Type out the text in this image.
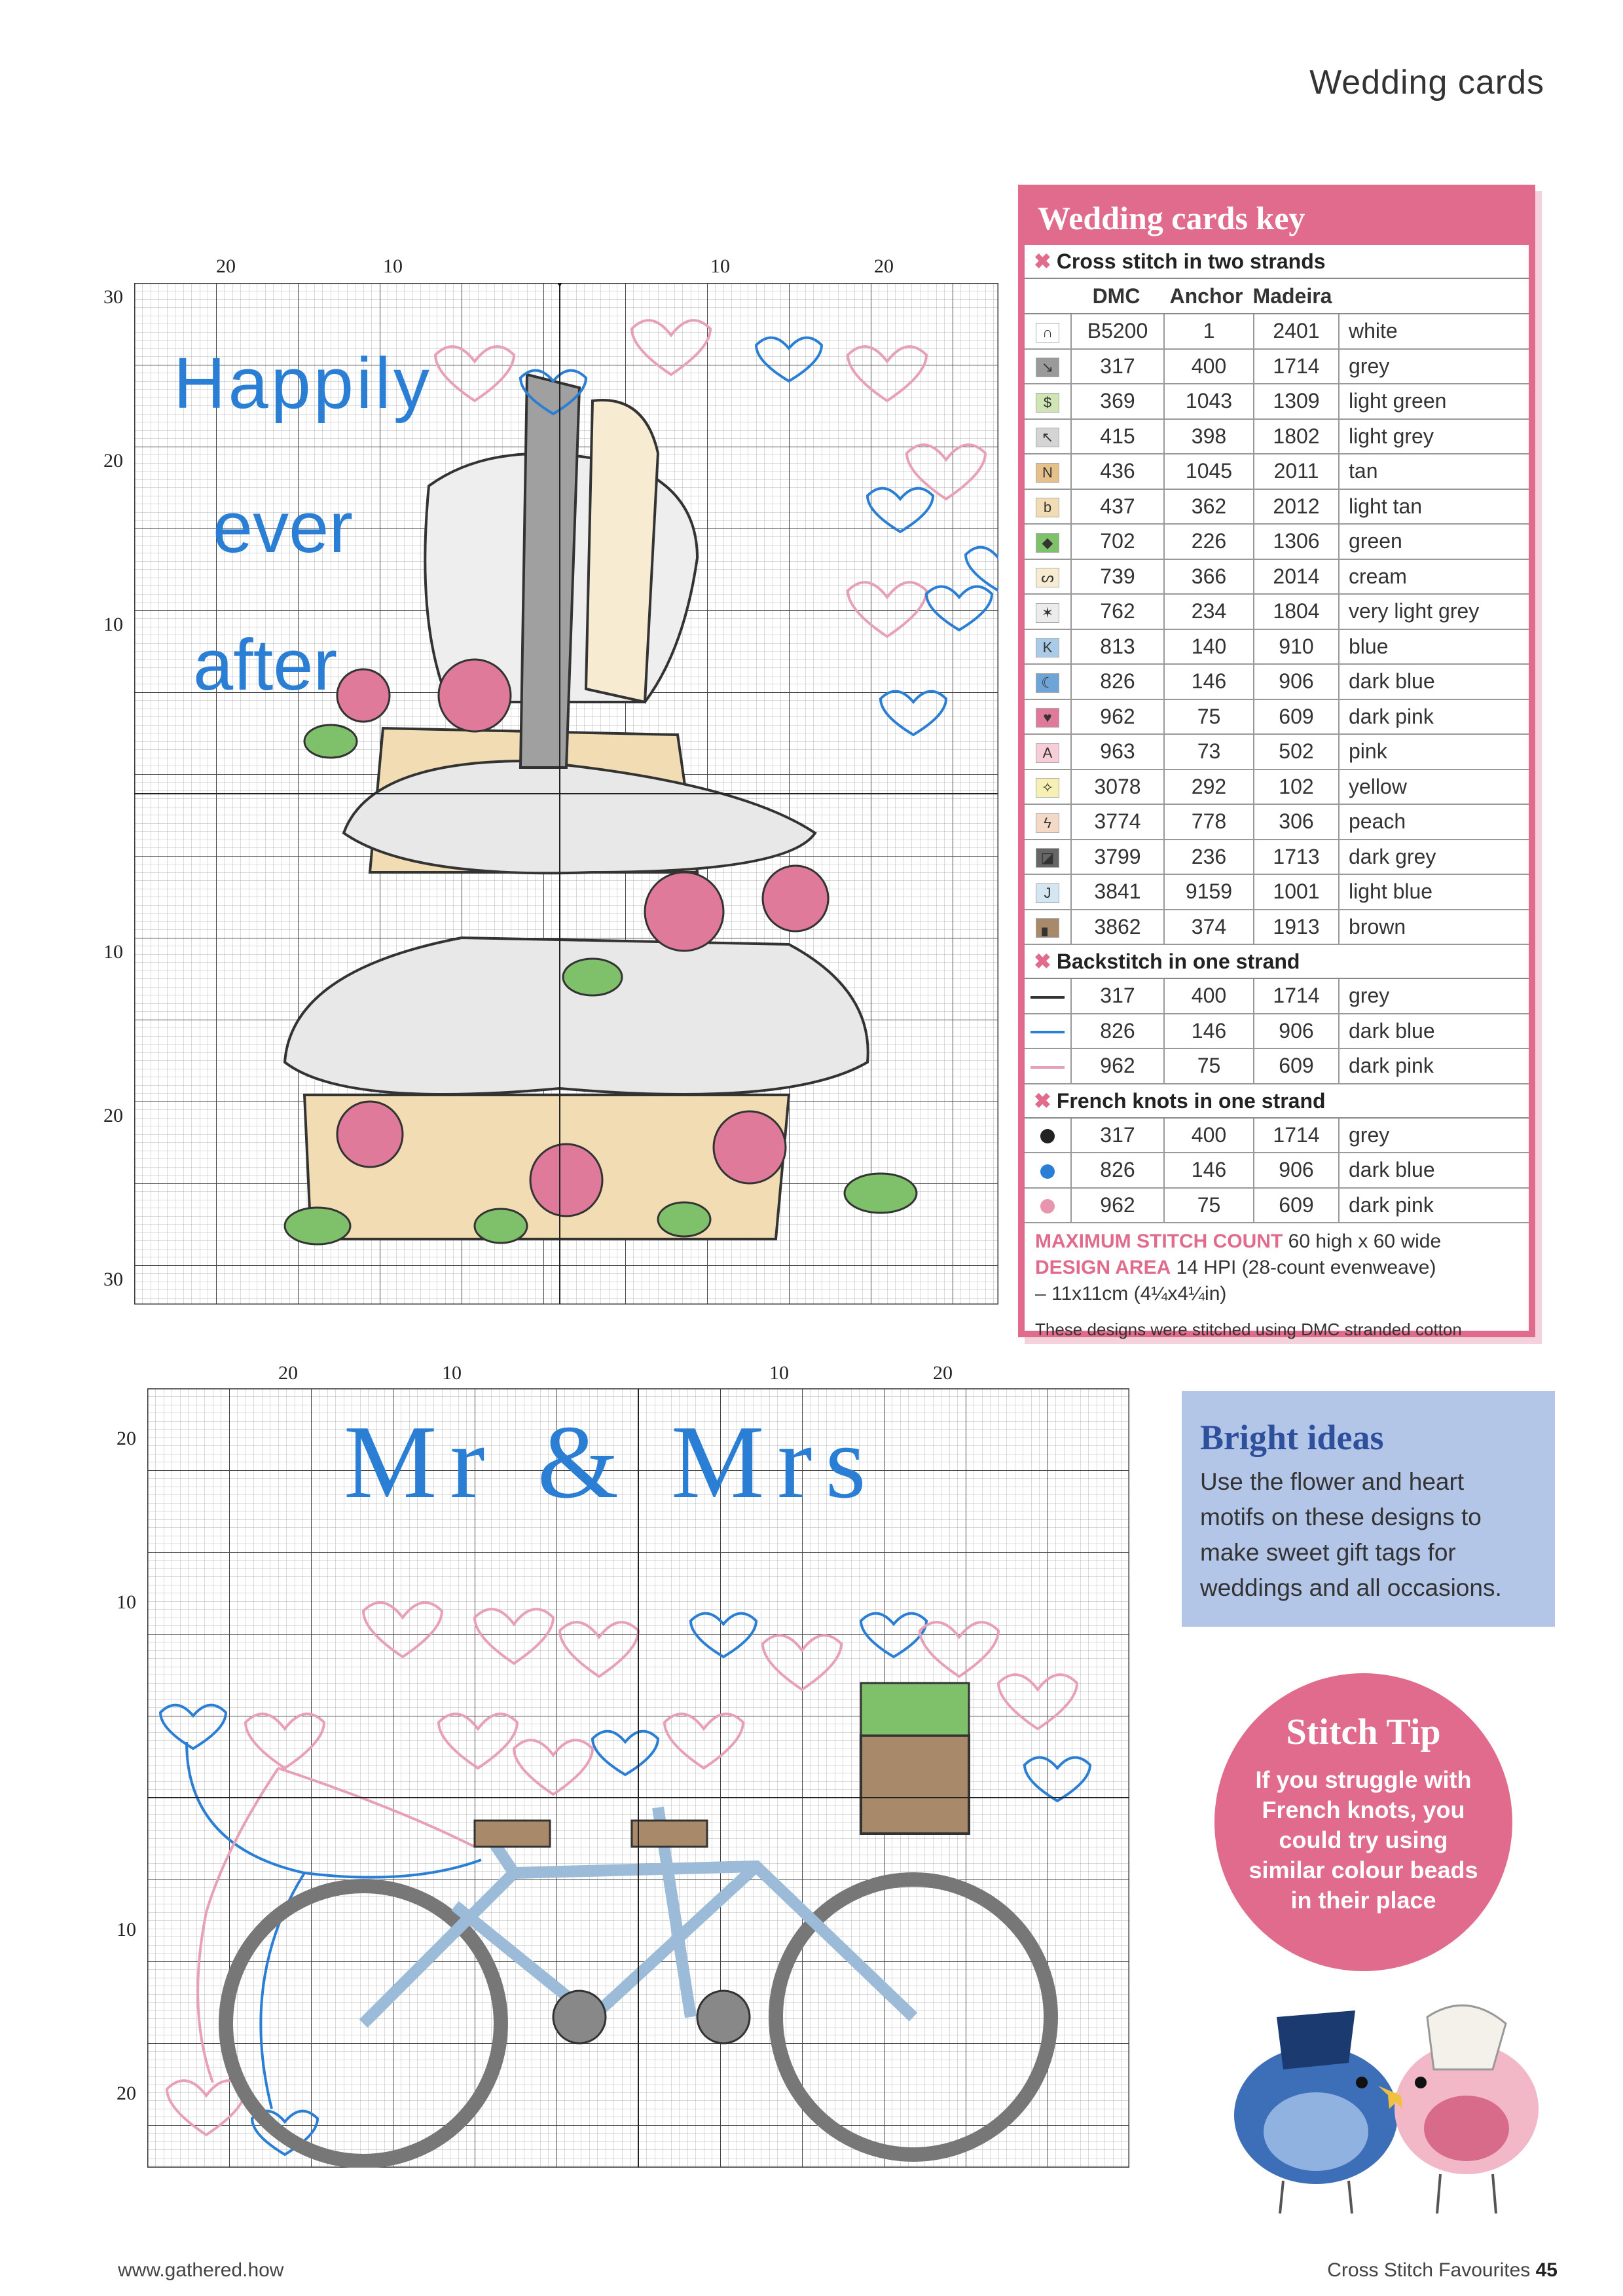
Wedding cards
Happily
ever
after
20	10	10	20
30
20
10
10
20
30
Mr & Mrs
20	10	10	20
20
10
10
20
Wedding cards key
✖ Cross stitch in two strands
DMC	Anchor Madeira
∩	B5200	1	2401	white
↘	317	400	1714	grey
$	369	1043	1309	light green
↖	415	398	1802	light grey
N	436	1045	2011	tan
b	437	362	2012	light tan
◆	702	226	1306	green
ᔕ	739	366	2014	cream
✶	762	234	1804	very light grey
K	813	140	910	blue
☾	826	146	906	dark blue
♥	962	75	609	dark pink
A	963	73	502	pink
✧	3078	292	102	yellow
ϟ	3774	778	306	peach
◪	3799	236	1713	dark grey
J	3841	9159	1001	light blue
▖	3862	374	1913	brown
✖ Backstitch in one strand
317	400	1714	grey
826	146	906	dark blue
962	75	609	dark pink
✖ French knots in one strand
317	400	1714	grey
826	146	906	dark blue
962	75	609	dark pink
MAXIMUM STITCH COUNT 60 high x 60 wide
DESIGN AREA 14 HPI (28-count evenweave)
– 11x11cm (4¼x4¼in)
These designs were stitched using DMC stranded cotton
Bright ideas

Use the flower and heart

motifs on these designs to

make sweet gift tags for

weddings and all occasions.

Stitch Tip

If you struggle with

French knots, you

could try using

similar colour beads

in their place

www.gathered.how	Cross Stitch Favourites 45
